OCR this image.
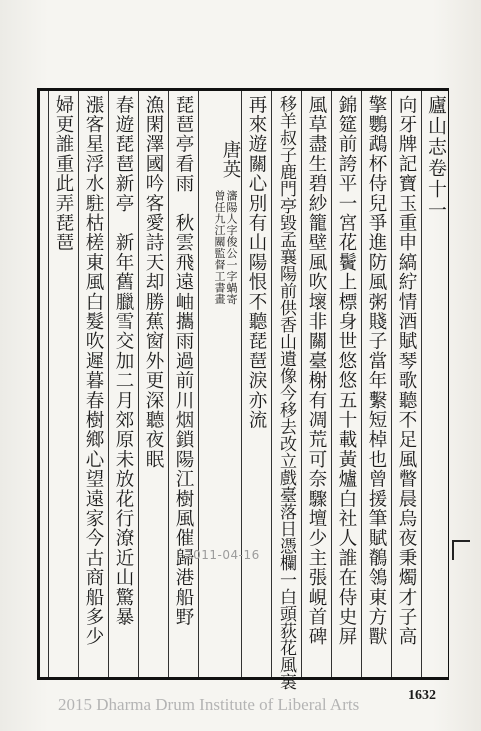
廬山志卷十一
向牙牌記寶玉重申縞紵情酒賦琴歌聽不足風瞥晨烏夜秉燭才子高
擎鸚鵡杯侍兒爭進防風粥賤子當年繫短棹也曾援筆賦鶺鴒東方獸
錦筵前誇平一宮花鬢上標身世悠悠五十載黃爐白社人誰在侍史屏
風草盡生碧紗籠壁風吹壞非關臺榭有凋荒可奈驟壇少主張峴首碑
移羊叔子鹿門亭毀孟襄陽前供香山遺像今移去改立戲臺落日憑欄一白頭荻花風裏
再來遊關心別有山陽恨不聽琵琶淚亦流
唐英
瀋陽人字俊公一字蝸寄
曾任九江關監督工書畫
琵琶亭看雨　秋雲飛遠岫攜雨過前川烟鎖陽江樹風催歸港船野
漁閑澤國吟客愛詩天却勝蕉窗外更深聽夜眠
春遊琵琶新亭　新年舊臘雪交加二月郊原未放花行潦近山驚暴
漲客星浮水駐枯槎東風白髮吹遲暮春樹鄉心望遠家今古商船多少
婦更誰重此弄琵琶
2011-04-16
2015 Dharma Drum Institute of Liberal Arts	1632
